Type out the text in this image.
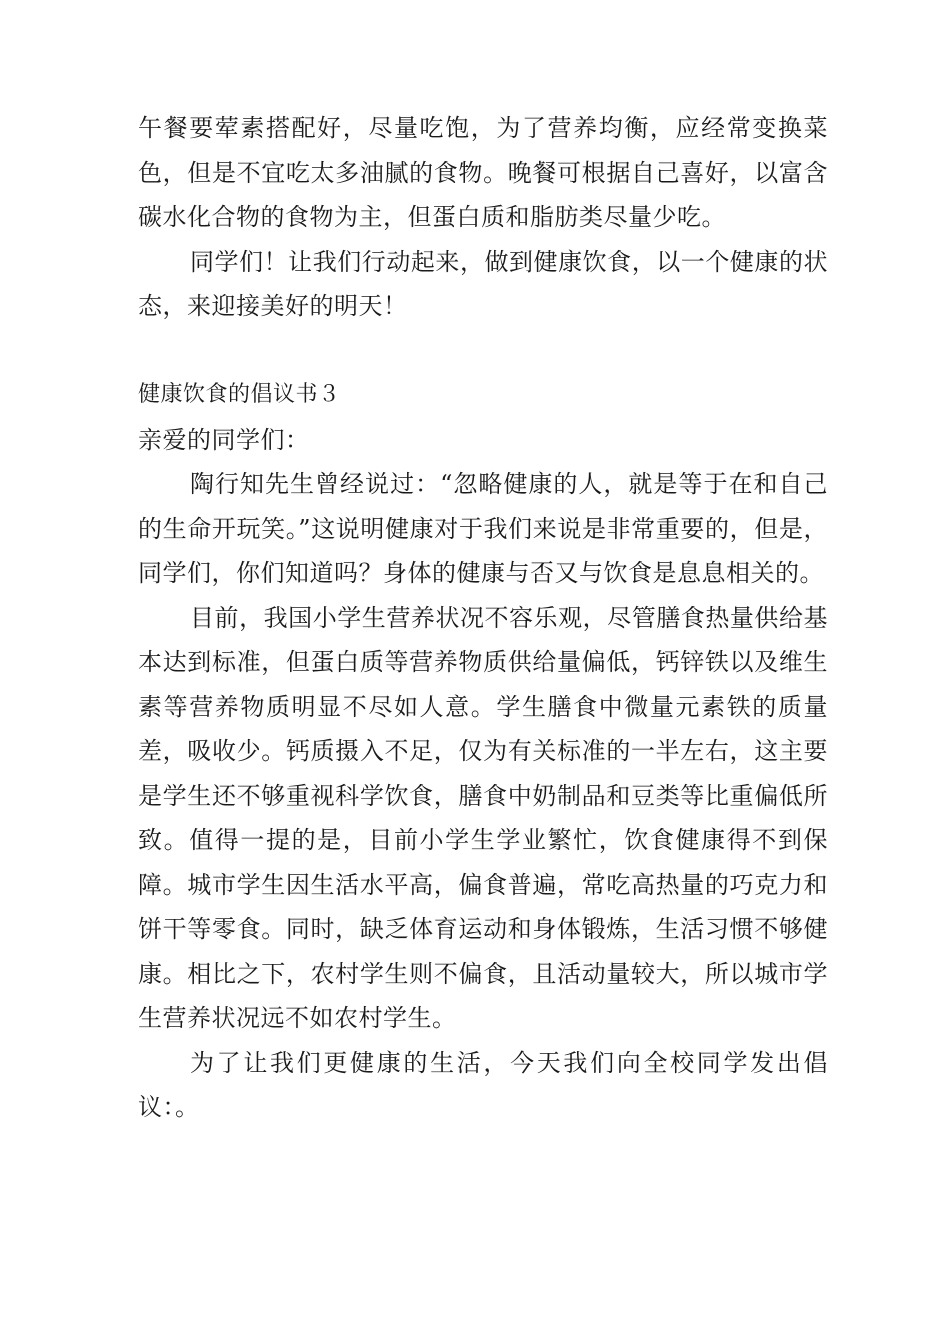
午餐要荤素搭配好，尽量吃饱，为了营养均衡，应经常变换菜色，但是不宜吃太多油腻的食物。晚餐可根据自己喜好，以富含碳水化合物的食物为主，但蛋白质和脂肪类尽量少吃。

同学们！让我们行动起来，做到健康饮食，以一个健康的状态，来迎接美好的明天！

健康饮食的倡议书３

亲爱的同学们：

陶行知先生曾经说过：“忽略健康的人，就是等于在和自己的生命开玩笑。”这说明健康对于我们来说是非常重要的，但是，同学们，你们知道吗？身体的健康与否又与饮食是息息相关的。

目前，我国小学生营养状况不容乐观，尽管膳食热量供给基本达到标准，但蛋白质等营养物质供给量偏低，钙锌铁以及维生素等营养物质明显不尽如人意。学生膳食中微量元素铁的质量差，吸收少。钙质摄入不足，仅为有关标准的一半左右，这主要是学生还不够重视科学饮食，膳食中奶制品和豆类等比重偏低所致。值得一提的是，目前小学生学业繁忙，饮食健康得不到保障。城市学生因生活水平高，偏食普遍，常吃高热量的巧克力和饼干等零食。同时，缺乏体育运动和身体锻炼，生活习惯不够健康。相比之下，农村学生则不偏食，且活动量较大，所以城市学生营养状况远不如农村学生。

为了让我们更健康的生活，今天我们向全校同学发出倡议：。
